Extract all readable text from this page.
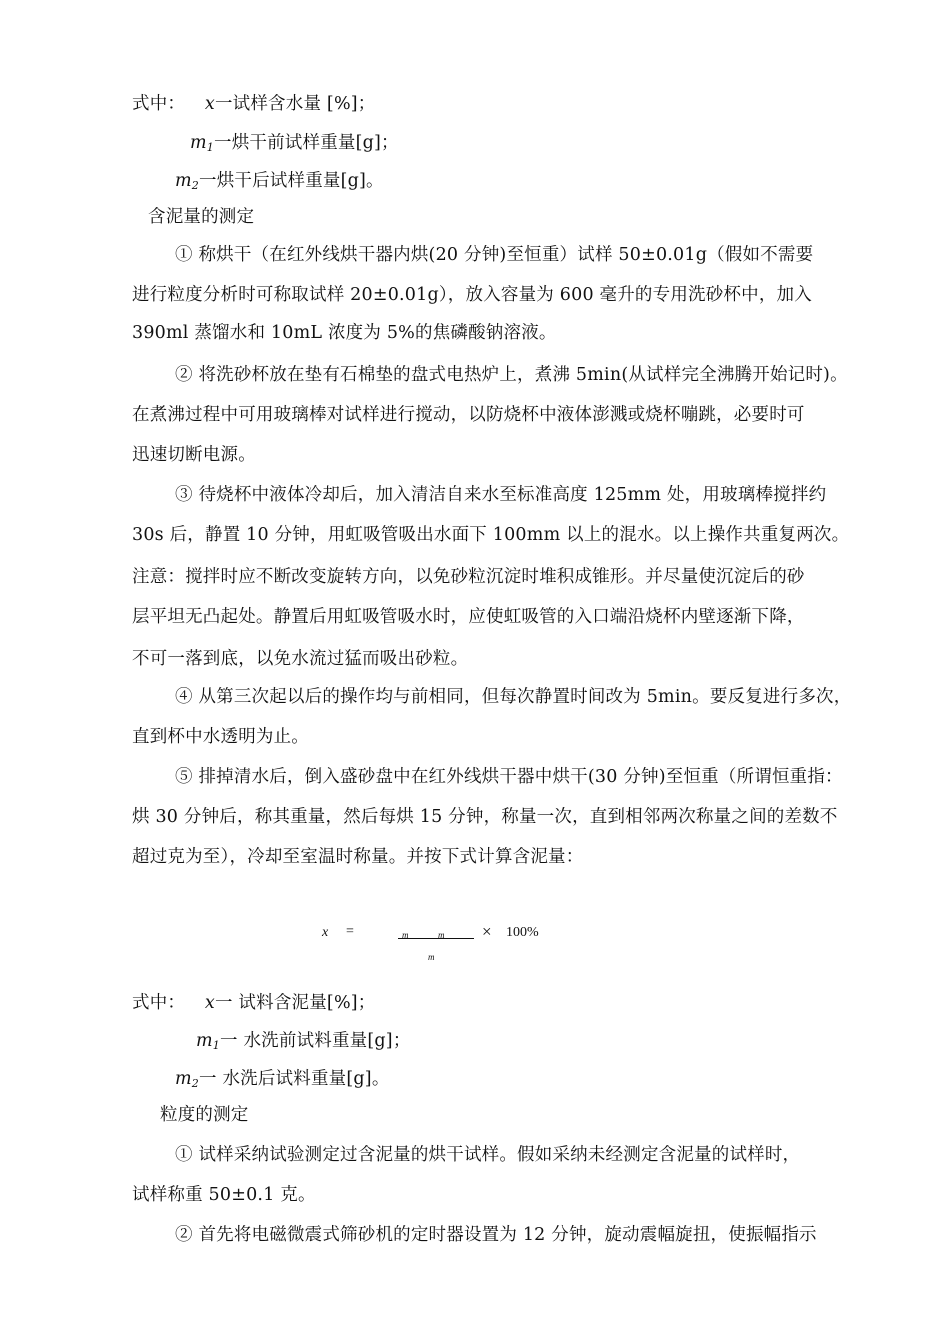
式中： x一试样含水量 [%]；
$m_1$一烘干前试样重量[g]；
$m_2$一烘干后试样重量[g]。
含泥量的测定
① 称烘干（在红外线烘干器内烘(20 分钟)至恒重）试样 50±0.01g（假如不需要
进行粒度分析时可称取试样 20±0.01g），放入容量为 600 毫升的专用洗砂杯中，加入
390ml 蒸馏水和 10mL 浓度为 5%的焦磷酸钠溶液。
② 将洗砂杯放在垫有石棉垫的盘式电热炉上，煮沸 5min(从试样完全沸腾开始记时)。
在煮沸过程中可用玻璃棒对试样进行搅动，以防烧杯中液体澎溅或烧杯嘣跳，必要时可
迅速切断电源。
③ 待烧杯中液体冷却后，加入清洁自来水至标准高度 125mm 处，用玻璃棒搅拌约
30s 后，静置 10 分钟，用虹吸管吸出水面下 100mm 以上的混水。以上操作共重复两次。
注意：搅拌时应不断改变旋转方向，以免砂粒沉淀时堆积成锥形。并尽量使沉淀后的砂
层平坦无凸起处。静置后用虹吸管吸水时，应使虹吸管的入口端沿烧杯内壁逐渐下降，
不可一落到底，以免水流过猛而吸出砂粒。
④ 从第三次起以后的操作均与前相同，但每次静置时间改为 5min。要反复进行多次，
直到杯中水透明为止。
⑤ 排掉清水后，倒入盛砂盘中在红外线烘干器中烘干(30 分钟)至恒重（所谓恒重指：
烘 30 分钟后，称其重量，然后每烘 15 分钟，称量一次，直到相邻两次称量之间的差数不
超过克为至），冷却至室温时称量。并按下式计算含泥量：
x =	m	m × 100%
m
式中： x一 试料含泥量[%]；
$m_1$一 水洗前试料重量[g]；
$m_2$一 水洗后试料重量[g]。
粒度的测定
① 试样采纳试验测定过含泥量的烘干试样。假如采纳未经测定含泥量的试样时，
试样称重 50±0.1 克。
② 首先将电磁微震式筛砂机的定时器设置为 12 分钟，旋动震幅旋扭，使振幅指示
